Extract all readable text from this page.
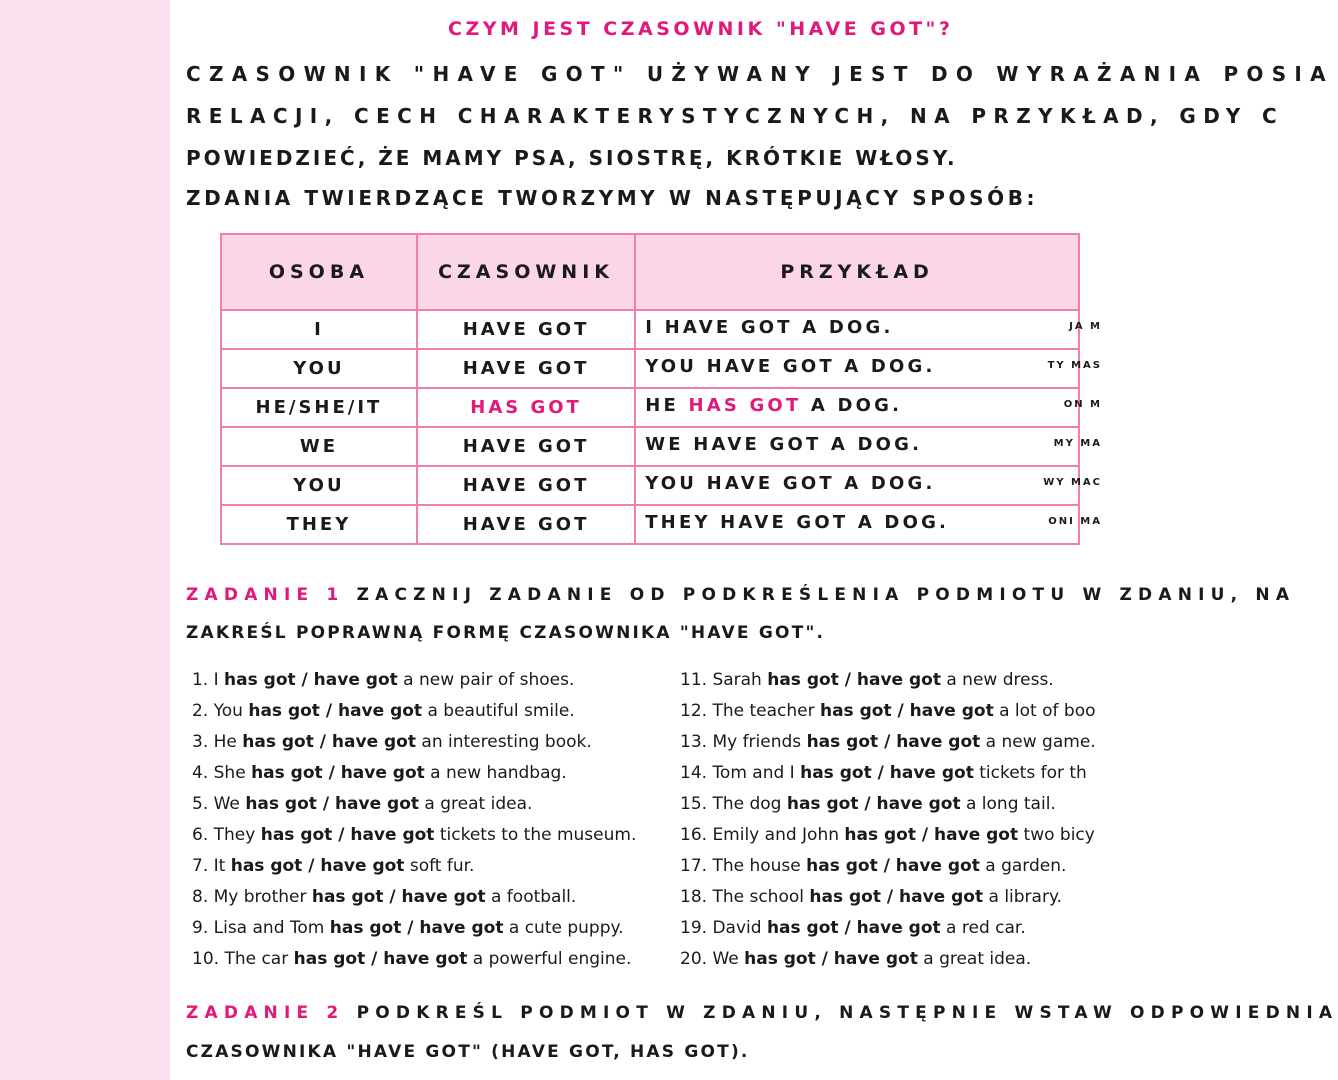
CZYM JEST CZASOWNIK "HAVE GOT"?
CZASOWNIK "HAVE GOT" UŻYWANY JEST DO WYRAŻANIA POSIA
RELACJI, CECH CHARAKTERYSTYCZNYCH, NA PRZYKŁAD, GDY C
POWIEDZIEĆ, ŻE MAMY PSA, SIOSTRĘ, KRÓTKIE WŁOSY.
ZDANIA TWIERDZĄCE TWORZYMY W NASTĘPUJĄCY SPOSÓB:
OSOBA	CZASOWNIK	PRZYKŁAD
I	HAVE GOT	I HAVE GOT A DOG. JA M

YOU	HAVE GOT	YOU HAVE GOT A DOG. TY MAS

HE/SHE/IT	HAS GOT	HE HAS GOT A DOG. ON M

WE	HAVE GOT	WE HAVE GOT A DOG. MY MA

YOU	HAVE GOT	YOU HAVE GOT A DOG. WY MAC

THEY	HAVE GOT	THEY HAVE GOT A DOG. ONI MA
ZADANIE 1 ZACZNIJ ZADANIE OD PODKREŚLENIA PODMIOTU W ZDANIU, NA
ZAKREŚL POPRAWNĄ FORMĘ CZASOWNIKA "HAVE GOT".
1. I has got / have got a new pair of shoes.
2. You has got / have got a beautiful smile.
3. He has got / have got an interesting book.
4. She has got / have got a new handbag.
5. We has got / have got a great idea.
6. They has got / have got tickets to the museum.
7. It has got / have got soft fur.
8. My brother has got / have got a football.
9. Lisa and Tom has got / have got a cute puppy.
10. The car has got / have got a powerful engine.
11. Sarah has got / have got a new dress.
12. The teacher has got / have got a lot of boo
13. My friends has got / have got a new game.
14. Tom and I has got / have got tickets for th
15. The dog has got / have got a long tail.
16. Emily and John has got / have got two bicy
17. The house has got / have got a garden.
18. The school has got / have got a library.
19. David has got / have got a red car.
20. We has got / have got a great idea.
ZADANIE 2 PODKREŚL PODMIOT W ZDANIU, NASTĘPNIE WSTAW ODPOWIEDNIA
CZASOWNIKA "HAVE GOT" (HAVE GOT, HAS GOT).
